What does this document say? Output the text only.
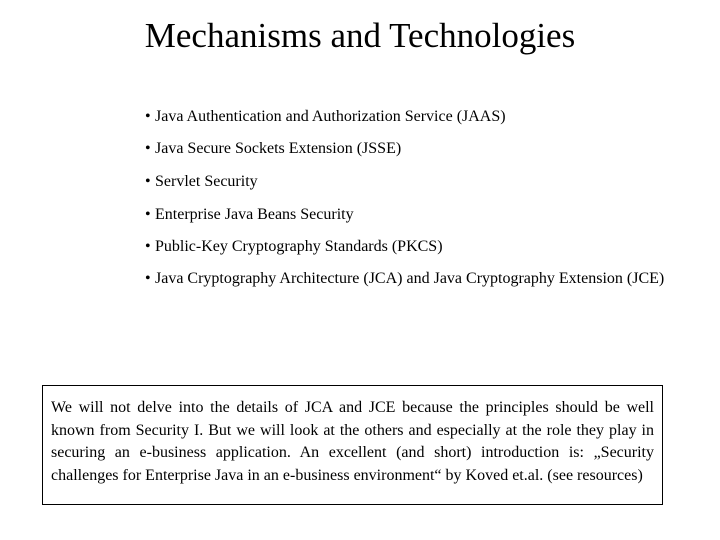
Mechanisms and Technologies
• Java Authentication and Authorization Service (JAAS)
• Java Secure Sockets Extension (JSSE)
• Servlet Security
• Enterprise Java Beans Security
• Public-Key Cryptography Standards (PKCS)
• Java Cryptography Architecture (JCA) and Java Cryptography Extension (JCE)
We will not delve into the details of JCA and JCE because the principles should be well known from Security I. But we will look at the others and especially at the role they play in securing an e-business application. An excellent (and short) introduction is: „Security challenges for Enterprise Java in an e-business environment“ by Koved et.al. (see resources)
